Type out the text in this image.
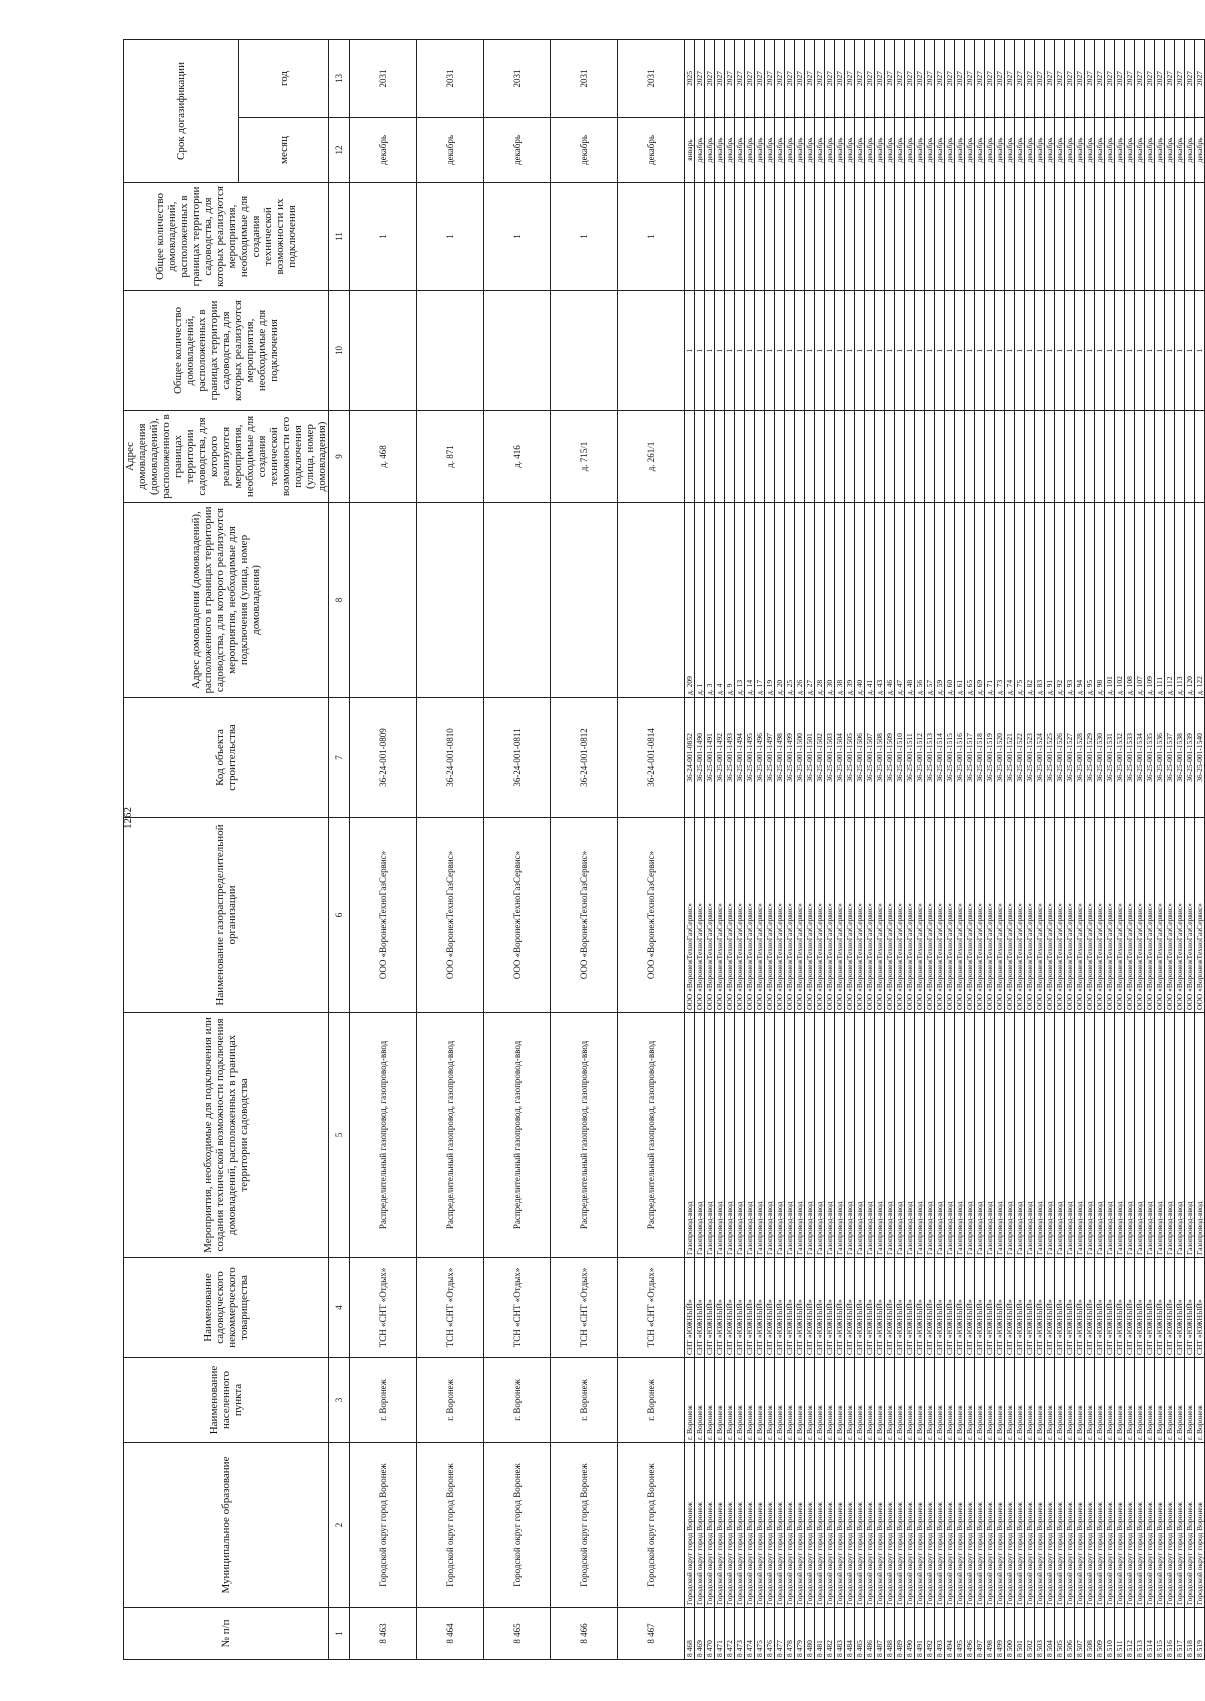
1262
№ п/п	Муниципальное образование	Наименование населенного пункта	Наименование садоводческого некоммерческого товарищества	Мероприятия, необходимые для подключения или создания технической возможности подключения домовладений, расположенных в границах территории садоводства	Наименование газораспределительной организации	Код объекта строительства	Адрес домовладения (домовладений), расположенного в границах территории садоводства, для которого реализуются мероприятия, необходимые для подключения (улица, номер домовладения)	Адрес домовладения (домовладений), расположенного в границах территории садоводства, для которого реализуются мероприятия, необходимые для создания технической возможности его подключения (улица, номер домовладения)	Общее количество домовладений, расположенных в границах территории садоводства, для которых реализуются мероприятия, необходимые для подключения	Общее количество домовладений, расположенных в границах территории садоводства, для которых реализуются мероприятия, необходимые для создания технической возможности их подключения	Срок догазификации	
											месяц	год
1	2	3	4	5	6	7	8	9	10	11	12	13
8 463	Городской округ город Воронеж	г. Воронеж	ТСН «СНТ «Отдых»	Распределительный газопровод, газопровод-ввод	ООО «ВоронежТехноГазСервис»	36-24-001-0809		д. 468		1	декабрь	2031
8 464	Городской округ город Воронеж	г. Воронеж	ТСН «СНТ «Отдых»	Распределительный газопровод, газопровод-ввод	ООО «ВоронежТехноГазСервис»	36-24-001-0810		д. 871		1	декабрь	2031
8 465	Городской округ город Воронеж	г. Воронеж	ТСН «СНТ «Отдых»	Распределительный газопровод, газопровод-ввод	ООО «ВоронежТехноГазСервис»	36-24-001-0811		д. 416		1	декабрь	2031
8 466	Городской округ город Воронеж	г. Воронеж	ТСН «СНТ «Отдых»	Распределительный газопровод, газопровод-ввод	ООО «ВоронежТехноГазСервис»	36-24-001-0812		д. 715/1		1	декабрь	2031
8 467	Городской округ город Воронеж	г. Воронеж	ТСН «СНТ «Отдых»	Распределительный газопровод, газопровод-ввод	ООО «ВоронежТехноГазСервис»	36-24-001-0814		д. 261/1		1	декабрь	2031
8 468	Городской округ город Воронеж	г. Воронеж	СНТ «ЮЖНЫЙ»	Газопровод-ввод	ООО «ВоронежТехноГазСервис»	36-24-001-0852	д. 209		1		январь	2025
8 469	Городской округ город Воронеж	г. Воронеж	СНТ «ЮЖНЫЙ»	Газопровод-ввод	ООО «ВоронежТехноГазСервис»	36-25-001-1490	д. 1		1		декабрь	2027
8 470	Городской округ город Воронеж	г. Воронеж	СНТ «ЮЖНЫЙ»	Газопровод-ввод	ООО «ВоронежТехноГазСервис»	36-25-001-1491	д. 3		1		декабрь	2027
8 471	Городской округ город Воронеж	г. Воронеж	СНТ «ЮЖНЫЙ»	Газопровод-ввод	ООО «ВоронежТехноГазСервис»	36-25-001-1492	д. 4		1		декабрь	2027
8 472	Городской округ город Воронеж	г. Воронеж	СНТ «ЮЖНЫЙ»	Газопровод-ввод	ООО «ВоронежТехноГазСервис»	36-25-001-1493	д. 9		1		декабрь	2027
8 473	Городской округ город Воронеж	г. Воронеж	СНТ «ЮЖНЫЙ»	Газопровод-ввод	ООО «ВоронежТехноГазСервис»	36-25-001-1494	д. 13		1		декабрь	2027
8 474	Городской округ город Воронеж	г. Воронеж	СНТ «ЮЖНЫЙ»	Газопровод-ввод	ООО «ВоронежТехноГазСервис»	36-25-001-1495	д. 14		1		декабрь	2027
8 475	Городской округ город Воронеж	г. Воронеж	СНТ «ЮЖНЫЙ»	Газопровод-ввод	ООО «ВоронежТехноГазСервис»	36-25-001-1496	д. 17		1		декабрь	2027
8 476	Городской округ город Воронеж	г. Воронеж	СНТ «ЮЖНЫЙ»	Газопровод-ввод	ООО «ВоронежТехноГазСервис»	36-25-001-1497	д. 19		1		декабрь	2027
8 477	Городской округ город Воронеж	г. Воронеж	СНТ «ЮЖНЫЙ»	Газопровод-ввод	ООО «ВоронежТехноГазСервис»	36-25-001-1498	д. 20		1		декабрь	2027
8 478	Городской округ город Воронеж	г. Воронеж	СНТ «ЮЖНЫЙ»	Газопровод-ввод	ООО «ВоронежТехноГазСервис»	36-25-001-1499	д. 25		1		декабрь	2027
8 479	Городской округ город Воронеж	г. Воронеж	СНТ «ЮЖНЫЙ»	Газопровод-ввод	ООО «ВоронежТехноГазСервис»	36-25-001-1500	д. 26		1		декабрь	2027
8 480	Городской округ город Воронеж	г. Воронеж	СНТ «ЮЖНЫЙ»	Газопровод-ввод	ООО «ВоронежТехноГазСервис»	36-25-001-1501	д. 27		1		декабрь	2027
8 481	Городской округ город Воронеж	г. Воронеж	СНТ «ЮЖНЫЙ»	Газопровод-ввод	ООО «ВоронежТехноГазСервис»	36-25-001-1502	д. 28		1		декабрь	2027
8 482	Городской округ город Воронеж	г. Воронеж	СНТ «ЮЖНЫЙ»	Газопровод-ввод	ООО «ВоронежТехноГазСервис»	36-25-001-1503	д. 30		1		декабрь	2027
8 483	Городской округ город Воронеж	г. Воронеж	СНТ «ЮЖНЫЙ»	Газопровод-ввод	ООО «ВоронежТехноГазСервис»	36-25-001-1504	д. 38		1		декабрь	2027
8 484	Городской округ город Воронеж	г. Воронеж	СНТ «ЮЖНЫЙ»	Газопровод-ввод	ООО «ВоронежТехноГазСервис»	36-25-001-1505	д. 39		1		декабрь	2027
8 485	Городской округ город Воронеж	г. Воронеж	СНТ «ЮЖНЫЙ»	Газопровод-ввод	ООО «ВоронежТехноГазСервис»	36-25-001-1506	д. 40		1		декабрь	2027
8 486	Городской округ город Воронеж	г. Воронеж	СНТ «ЮЖНЫЙ»	Газопровод-ввод	ООО «ВоронежТехноГазСервис»	36-25-001-1507	д. 41		1		декабрь	2027
8 487	Городской округ город Воронеж	г. Воронеж	СНТ «ЮЖНЫЙ»	Газопровод-ввод	ООО «ВоронежТехноГазСервис»	36-25-001-1508	д. 43		1		декабрь	2027
8 488	Городской округ город Воронеж	г. Воронеж	СНТ «ЮЖНЫЙ»	Газопровод-ввод	ООО «ВоронежТехноГазСервис»	36-25-001-1509	д. 46		1		декабрь	2027
8 489	Городской округ город Воронеж	г. Воронеж	СНТ «ЮЖНЫЙ»	Газопровод-ввод	ООО «ВоронежТехноГазСервис»	36-25-001-1510	д. 47		1		декабрь	2027
8 490	Городской округ город Воронеж	г. Воронеж	СНТ «ЮЖНЫЙ»	Газопровод-ввод	ООО «ВоронежТехноГазСервис»	36-25-001-1511	д. 48		1		декабрь	2027
8 491	Городской округ город Воронеж	г. Воронеж	СНТ «ЮЖНЫЙ»	Газопровод-ввод	ООО «ВоронежТехноГазСервис»	36-25-001-1512	д. 56		1		декабрь	2027
8 492	Городской округ город Воронеж	г. Воронеж	СНТ «ЮЖНЫЙ»	Газопровод-ввод	ООО «ВоронежТехноГазСервис»	36-25-001-1513	д. 57		1		декабрь	2027
8 493	Городской округ город Воронеж	г. Воронеж	СНТ «ЮЖНЫЙ»	Газопровод-ввод	ООО «ВоронежТехноГазСервис»	36-25-001-1514	д. 59		1		декабрь	2027
8 494	Городской округ город Воронеж	г. Воронеж	СНТ «ЮЖНЫЙ»	Газопровод-ввод	ООО «ВоронежТехноГазСервис»	36-25-001-1515	д. 60		1		декабрь	2027
8 495	Городской округ город Воронеж	г. Воронеж	СНТ «ЮЖНЫЙ»	Газопровод-ввод	ООО «ВоронежТехноГазСервис»	36-25-001-1516	д. 61		1		декабрь	2027
8 496	Городской округ город Воронеж	г. Воронеж	СНТ «ЮЖНЫЙ»	Газопровод-ввод	ООО «ВоронежТехноГазСервис»	36-25-001-1517	д. 65		1		декабрь	2027
8 497	Городской округ город Воронеж	г. Воронеж	СНТ «ЮЖНЫЙ»	Газопровод-ввод	ООО «ВоронежТехноГазСервис»	36-25-001-1518	д. 69		1		декабрь	2027
8 498	Городской округ город Воронеж	г. Воронеж	СНТ «ЮЖНЫЙ»	Газопровод-ввод	ООО «ВоронежТехноГазСервис»	36-25-001-1519	д. 71		1		декабрь	2027
8 499	Городской округ город Воронеж	г. Воронеж	СНТ «ЮЖНЫЙ»	Газопровод-ввод	ООО «ВоронежТехноГазСервис»	36-25-001-1520	д. 73		1		декабрь	2027
8 500	Городской округ город Воронеж	г. Воронеж	СНТ «ЮЖНЫЙ»	Газопровод-ввод	ООО «ВоронежТехноГазСервис»	36-25-001-1521	д. 74		1		декабрь	2027
8 501	Городской округ город Воронеж	г. Воронеж	СНТ «ЮЖНЫЙ»	Газопровод-ввод	ООО «ВоронежТехноГазСервис»	36-25-001-1522	д. 75		1		декабрь	2027
8 502	Городской округ город Воронеж	г. Воронеж	СНТ «ЮЖНЫЙ»	Газопровод-ввод	ООО «ВоронежТехноГазСервис»	36-25-001-1523	д. 82		1		декабрь	2027
8 503	Городской округ город Воронеж	г. Воронеж	СНТ «ЮЖНЫЙ»	Газопровод-ввод	ООО «ВоронежТехноГазСервис»	36-25-001-1524	д. 83		1		декабрь	2027
8 504	Городской округ город Воронеж	г. Воронеж	СНТ «ЮЖНЫЙ»	Газопровод-ввод	ООО «ВоронежТехноГазСервис»	36-25-001-1525	д. 91		1		декабрь	2027
8 505	Городской округ город Воронеж	г. Воронеж	СНТ «ЮЖНЫЙ»	Газопровод-ввод	ООО «ВоронежТехноГазСервис»	36-25-001-1526	д. 92		1		декабрь	2027
8 506	Городской округ город Воронеж	г. Воронеж	СНТ «ЮЖНЫЙ»	Газопровод-ввод	ООО «ВоронежТехноГазСервис»	36-25-001-1527	д. 93		1		декабрь	2027
8 507	Городской округ город Воронеж	г. Воронеж	СНТ «ЮЖНЫЙ»	Газопровод-ввод	ООО «ВоронежТехноГазСервис»	36-25-001-1528	д. 94		1		декабрь	2027
8 508	Городской округ город Воронеж	г. Воронеж	СНТ «ЮЖНЫЙ»	Газопровод-ввод	ООО «ВоронежТехноГазСервис»	36-25-001-1529	д. 95		1		декабрь	2027
8 509	Городской округ город Воронеж	г. Воронеж	СНТ «ЮЖНЫЙ»	Газопровод-ввод	ООО «ВоронежТехноГазСервис»	36-25-001-1530	д. 98		1		декабрь	2027
8 510	Городской округ город Воронеж	г. Воронеж	СНТ «ЮЖНЫЙ»	Газопровод-ввод	ООО «ВоронежТехноГазСервис»	36-25-001-1531	д. 101		1		декабрь	2027
8 511	Городской округ город Воронеж	г. Воронеж	СНТ «ЮЖНЫЙ»	Газопровод-ввод	ООО «ВоронежТехноГазСервис»	36-25-001-1532	д. 102		1		декабрь	2027
8 512	Городской округ город Воронеж	г. Воронеж	СНТ «ЮЖНЫЙ»	Газопровод-ввод	ООО «ВоронежТехноГазСервис»	36-25-001-1533	д. 108		1		декабрь	2027
8 513	Городской округ город Воронеж	г. Воронеж	СНТ «ЮЖНЫЙ»	Газопровод-ввод	ООО «ВоронежТехноГазСервис»	36-25-001-1534	д. 107		1		декабрь	2027
8 514	Городской округ город Воронеж	г. Воронеж	СНТ «ЮЖНЫЙ»	Газопровод-ввод	ООО «ВоронежТехноГазСервис»	36-25-001-1535	д. 109		1		декабрь	2027
8 515	Городской округ город Воронеж	г. Воронеж	СНТ «ЮЖНЫЙ»	Газопровод-ввод	ООО «ВоронежТехноГазСервис»	36-25-001-1536	д. 111		1		декабрь	2027
8 516	Городской округ город Воронеж	г. Воронеж	СНТ «ЮЖНЫЙ»	Газопровод-ввод	ООО «ВоронежТехноГазСервис»	36-25-001-1537	д. 112		1		декабрь	2027
8 517	Городской округ город Воронеж	г. Воронеж	СНТ «ЮЖНЫЙ»	Газопровод-ввод	ООО «ВоронежТехноГазСервис»	36-25-001-1538	д. 113		1		декабрь	2027
8 518	Городской округ город Воронеж	г. Воронеж	СНТ «ЮЖНЫЙ»	Газопровод-ввод	ООО «ВоронежТехноГазСервис»	36-25-001-1539	д. 120		1		декабрь	2027
8 519	Городской округ город Воронеж	г. Воронеж	СНТ «ЮЖНЫЙ»	Газопровод-ввод	ООО «ВоронежТехноГазСервис»	36-25-001-1540	д. 122		1		декабрь	2027
